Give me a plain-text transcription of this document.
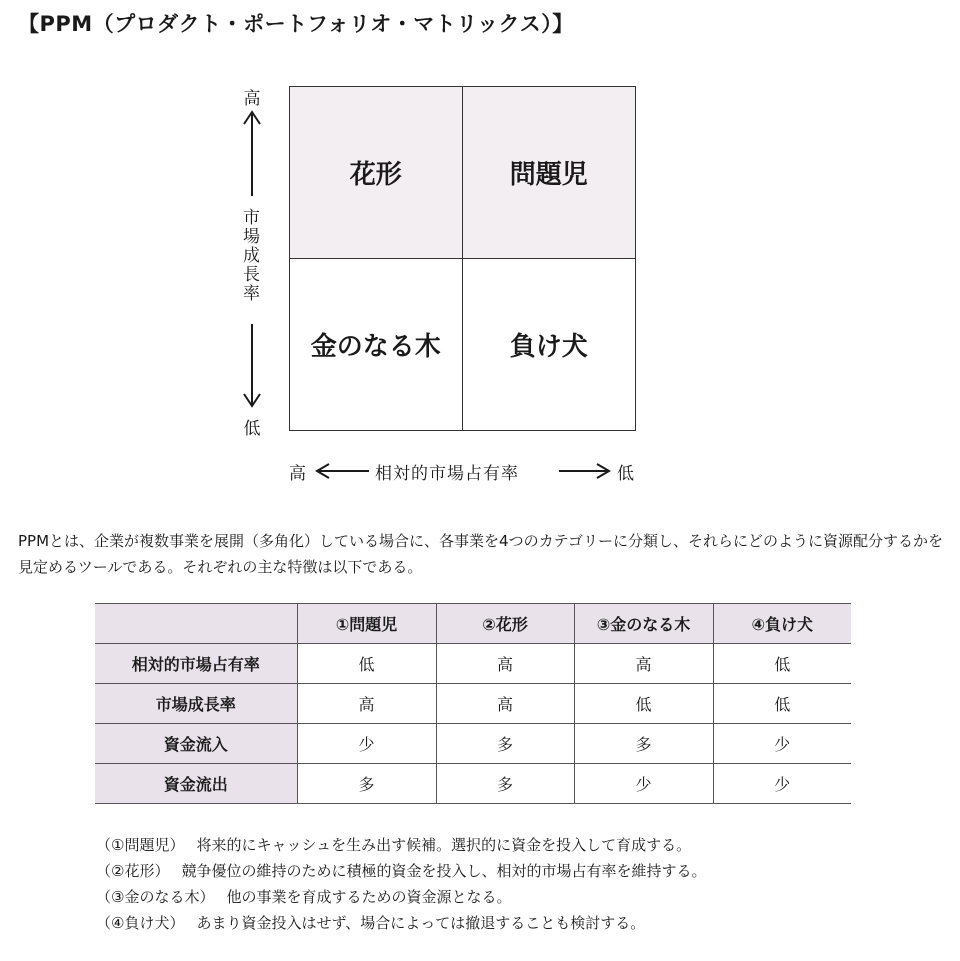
【PPM（プロダクト・ポートフォリオ・マトリックス）】
高
市場成長率
低
花形	問題児
金のなる木	負け犬
高	相対的市場占有率	低

PPMとは、企業が複数事業を展開（多角化）している場合に、各事業を4つのカテゴリーに分類し、それらにどのように資源配分するかを見定めるツールである。それぞれの主な特徴は以下である。

	①問題児	②花形	③金のなる木	④負け犬
相対的市場占有率	低	高	高	低
市場成長率	高	高	低	低
資金流入	少	多	多	少
資金流出	多	多	少	少
（①問題児） 将来的にキャッシュを生み出す候補。選択的に資金を投入して育成する。
（②花形） 競争優位の維持のために積極的資金を投入し、相対的市場占有率を維持する。
（③金のなる木） 他の事業を育成するための資金源となる。
（④負け犬） あまり資金投入はせず、場合によっては撤退することも検討する。
